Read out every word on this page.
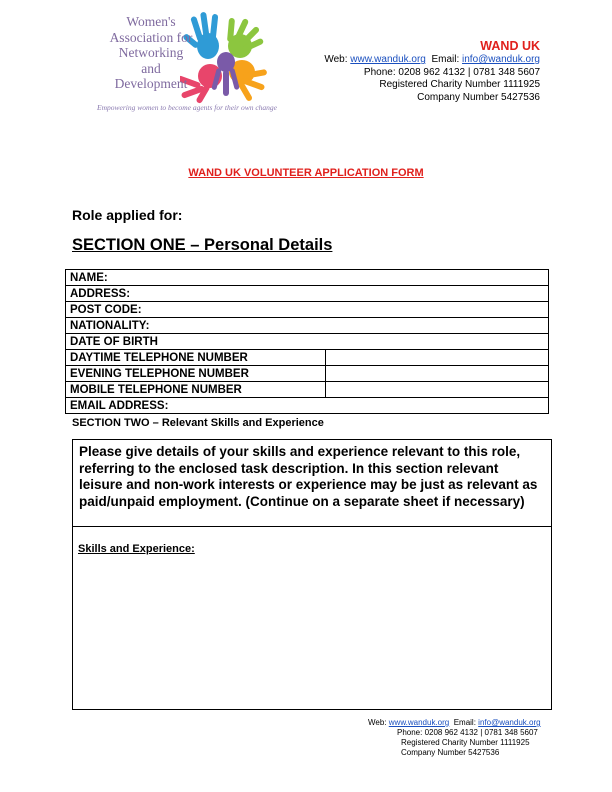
Women's
Association for
Networking
and
Development
Empowering women to become agents for their own change
WAND UK
Web: www.wanduk.org Email: info@wanduk.org
Phone: 0208 962 4132 | 0781 348 5607
Registered Charity Number 1111925
Company Number 5427536
WAND UK VOLUNTEER APPLICATION FORM
Role applied for:
SECTION ONE – Personal Details
NAME:	
ADDRESS:	
POST CODE:	
NATIONALITY:	
DATE OF BIRTH	
DAYTIME TELEPHONE NUMBER	
EVENING TELEPHONE NUMBER	
MOBILE TELEPHONE NUMBER	
EMAIL ADDRESS:	
SECTION TWO – Relevant Skills and Experience

Please give details of your skills and experience relevant to this role, referring to the enclosed task description. In this section relevant leisure and non-work interests or experience may be just as relevant as paid/unpaid employment. (Continue on a separate sheet if necessary)

Skills and Experience:
Web: www.wanduk.org Email: info@wanduk.org
Phone: 0208 962 4132 | 0781 348 5607
Registered Charity Number 1111925
Company Number 5427536
